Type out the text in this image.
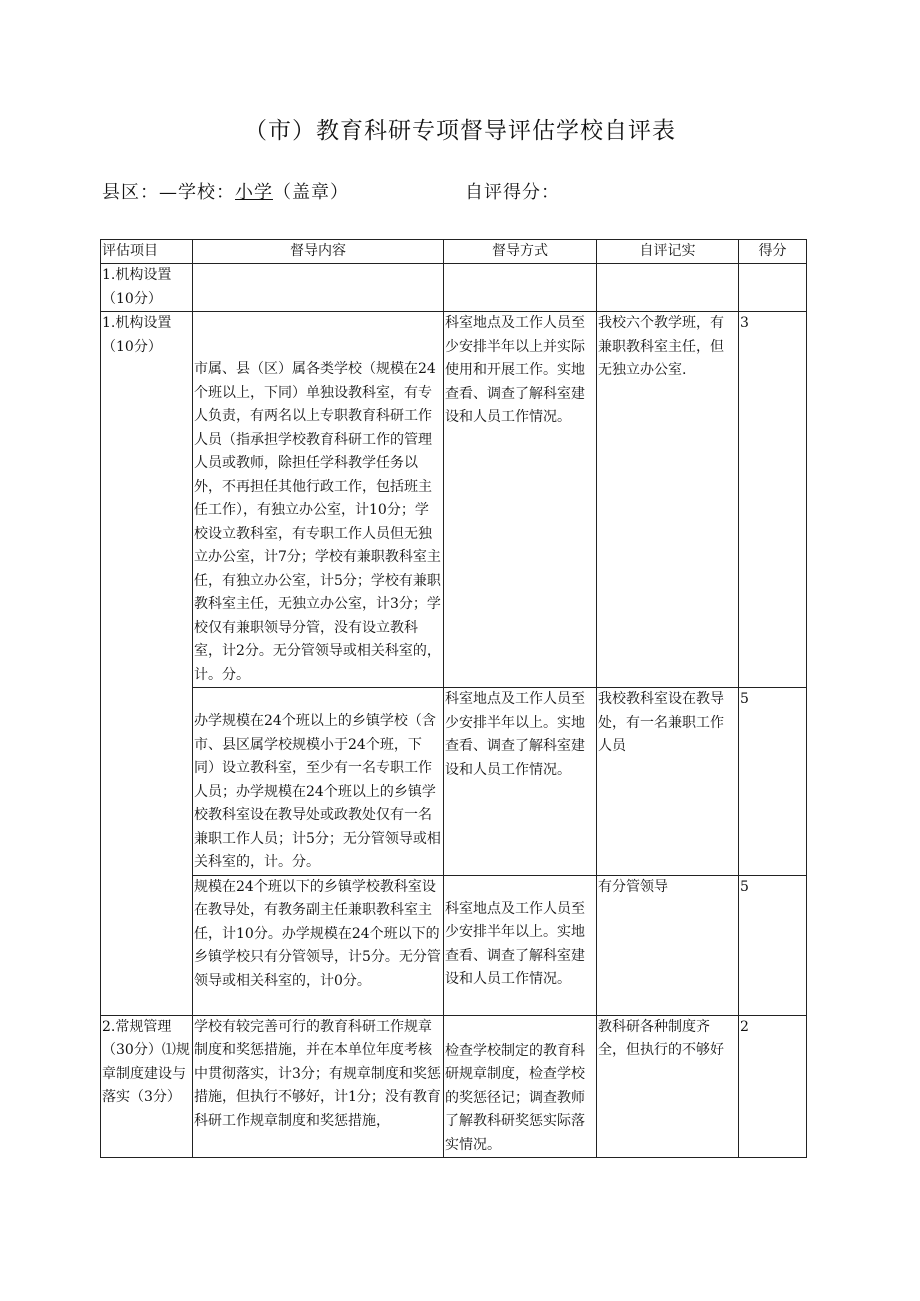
（市）教育科研专项督导评估学校自评表
县区：—学校：小学（盖章）	自评得分：
评估项目	督导内容	督导方式	自评记实	得分
1.机构设置（10分）				
1.机构设置（10分）	市属、县（区）属各类学校（规模在24个班以上，下同）单独设教科室，有专人负责，有两名以上专职教育科研工作人员（指承担学校教育科研工作的管理人员或教师，除担任学科教学任务以外，不再担任其他行政工作，包括班主任工作），有独立办公室，计10分；学校设立教科室，有专职工作人员但无独立办公室，计7分；学校有兼职教科室主任，有独立办公室，计5分；学校有兼职教科室主任，无独立办公室，计3分；学校仅有兼职领导分管，没有设立教科室，计2分。无分管领导或相关科室的，计。分。	科室地点及工作人员至少安排半年以上并实际使用和开展工作。实地查看、调查了解科室建设和人员工作情况。	我校六个教学班，有兼职教科室主任，但无独立办公室.	3
	办学规模在24个班以上的乡镇学校（含市、县区属学校规模小于24个班，下同）设立教科室，至少有一名专职工作人员；办学规模在24个班以上的乡镇学校教科室设在教导处或政教处仅有一名兼职工作人员；计5分；无分管领导或相关科室的，计。分。	科室地点及工作人员至少安排半年以上。实地查看、调查了解科室建设和人员工作情况。	我校教科室设在教导处，有一名兼职工作人员	5
	规模在24个班以下的乡镇学校教科室设在教导处，有教务副主任兼职教科室主任，计10分。办学规模在24个班以下的乡镇学校只有分管领导，计5分。无分管领导或相关科室的，计0分。	科室地点及工作人员至少安排半年以上。实地查看、调查了解科室建设和人员工作情况。	有分管领导	5
2.常规管理（30分）⑴规章制度建设与落实（3分）	学校有较完善可行的教育科研工作规章制度和奖惩措施，并在本单位年度考核中贯彻落实，计3分；有规章制度和奖惩措施，但执行不够好，计1分；没有教育科研工作规章制度和奖惩措施，	检查学校制定的教育科研规章制度，检查学校的奖惩径记；调查教师了解教科研奖惩实际落实情况。	教科研各种制度齐全，但执行的不够好	2
